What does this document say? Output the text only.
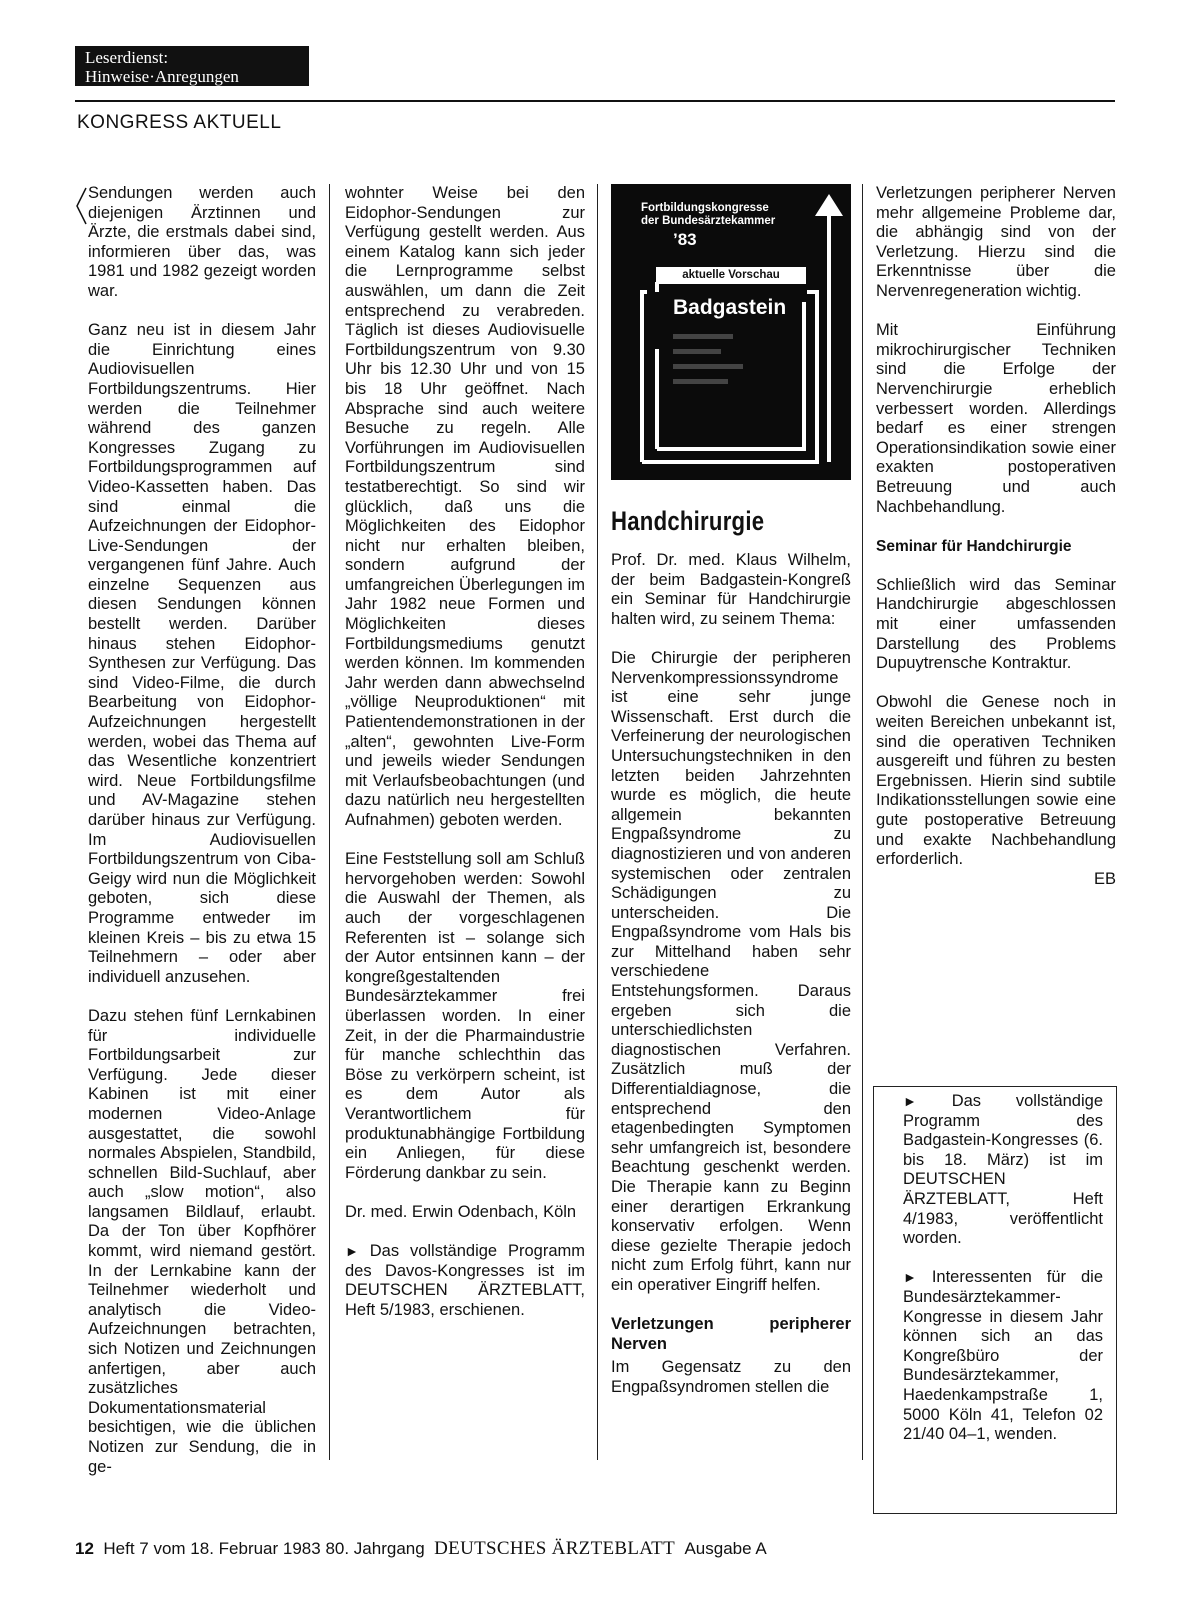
Leserdienst:
Hinweise·Anregungen
KONGRESS AKTUELL

Sendungen werden auch diejenigen Ärztinnen und Ärzte, die erstmals dabei sind, informieren über das, was 1981 und 1982 gezeigt worden war.

Ganz neu ist in diesem Jahr die Einrichtung eines Audiovisuellen Fortbildungszentrums. Hier werden die Teilnehmer während des ganzen Kongresses Zugang zu Fortbildungsprogrammen auf Video-Kassetten haben. Das sind einmal die Aufzeichnungen der Eidophor-Live-Sendungen der vergangenen fünf Jahre. Auch einzelne Sequenzen aus diesen Sendungen können bestellt werden. Darüber hinaus stehen Eidophor-Synthesen zur Verfügung. Das sind Video-Filme, die durch Bearbeitung von Eidophor-Aufzeichnungen hergestellt werden, wobei das Thema auf das Wesentliche konzentriert wird. Neue Fortbildungsfilme und AV-Magazine stehen darüber hinaus zur Verfügung. Im Audiovisuellen Fortbildungszentrum von Ciba-Geigy wird nun die Möglichkeit geboten, sich diese Programme entweder im kleinen Kreis – bis zu etwa 15 Teilnehmern – oder aber individuell anzusehen.

Dazu stehen fünf Lernkabinen für individuelle Fortbildungsarbeit zur Verfügung. Jede dieser Kabinen ist mit einer modernen Video-Anlage ausgestattet, die sowohl normales Abspielen, Standbild, schnellen Bild-Suchlauf, aber auch „slow motion“, also langsamen Bildlauf, erlaubt. Da der Ton über Kopfhörer kommt, wird niemand gestört. In der Lernkabine kann der Teilnehmer wiederholt und analytisch die Video-Aufzeichnungen betrachten, sich Notizen und Zeichnungen anfertigen, aber auch zusätzliches Dokumentationsmaterial besichtigen, wie die üblichen Notizen zur Sendung, die in ge-

wohnter Weise bei den Eidophor-Sendungen zur Verfügung gestellt werden. Aus einem Katalog kann sich jeder die Lernprogramme selbst auswählen, um dann die Zeit entsprechend zu verabreden. Täglich ist dieses Audiovisuelle Fortbildungszentrum von 9.30 Uhr bis 12.30 Uhr und von 15 bis 18 Uhr geöffnet. Nach Absprache sind auch weitere Besuche zu regeln. Alle Vorführungen im Audiovisuellen Fortbildungszentrum sind testatberechtigt. So sind wir glücklich, daß uns die Möglichkeiten des Eidophor nicht nur erhalten bleiben, sondern aufgrund der umfangreichen Überlegungen im Jahr 1982 neue Formen und Möglichkeiten dieses Fortbildungsmediums genutzt werden können. Im kommenden Jahr werden dann abwechselnd „völlige Neuproduktionen“ mit Patientendemonstrationen in der „alten“, gewohnten Live-Form und jeweils wieder Sendungen mit Verlaufsbeobachtungen (und dazu natürlich neu hergestellten Aufnahmen) geboten werden.

Eine Feststellung soll am Schluß hervorgehoben werden: Sowohl die Auswahl der Themen, als auch der vorgeschlagenen Referenten ist – solange sich der Autor entsinnen kann – der kongreßgestaltenden Bundesärztekammer frei überlassen worden. In einer Zeit, in der die Pharmaindustrie für manche schlechthin das Böse zu verkörpern scheint, ist es dem Autor als Verantwortlichem für produktunabhängige Fortbildung ein Anliegen, für diese Förderung dankbar zu sein.

Dr. med. Erwin Odenbach, Köln

► Das vollständige Programm des Davos-Kongresses ist im DEUTSCHEN ÄRZTEBLATT, Heft 5/1983, erschienen.

Fortbildungskongresse
der Bundesärztekammer
’83
aktuelle Vorschau
Badgastein
Handchirurgie

Prof. Dr. med. Klaus Wilhelm, der beim Badgastein-Kongreß ein Seminar für Handchirurgie halten wird, zu seinem Thema:

Die Chirurgie der peripheren Nervenkompressionssyndrome ist eine sehr junge Wissenschaft. Erst durch die Verfeinerung der neurologischen Untersuchungstechniken in den letzten beiden Jahrzehnten wurde es möglich, die heute allgemein bekannten Engpaßsyndrome zu diagnostizieren und von anderen systemischen oder zentralen Schädigungen zu unterscheiden. Die Engpaßsyndrome vom Hals bis zur Mittelhand haben sehr verschiedene Entstehungsformen. Daraus ergeben sich die unterschiedlichsten diagnostischen Verfahren. Zusätzlich muß der Differentialdiagnose, die entsprechend den etagenbedingten Symptomen sehr umfangreich ist, besondere Beachtung geschenkt werden. Die Therapie kann zu Beginn einer derartigen Erkrankung konservativ erfolgen. Wenn diese gezielte Therapie jedoch nicht zum Erfolg führt, kann nur ein operativer Eingriff helfen.

Verletzungen peripherer Nerven

Im Gegensatz zu den Engpaßsyndromen stellen die

Verletzungen peripherer Nerven mehr allgemeine Probleme dar, die abhängig sind von der Verletzung. Hierzu sind die Erkenntnisse über die Nervenregeneration wichtig.

Mit Einführung mikrochirurgischer Techniken sind die Erfolge der Nervenchirurgie erheblich verbessert worden. Allerdings bedarf es einer strengen Operationsindikation sowie einer exakten postoperativen Betreuung und auch Nachbehandlung.

Seminar für Handchirurgie

Schließlich wird das Seminar Handchirurgie abgeschlossen mit einer umfassenden Darstellung des Problems Dupuytrensche Kontraktur.

Obwohl die Genese noch in weiten Bereichen unbekannt ist, sind die operativen Techniken ausgereift und führen zu besten Ergebnissen. Hierin sind subtile Indikationsstellungen sowie eine gute postoperative Betreuung und exakte Nachbehandlung erforderlich.

EB

► Das vollständige Programm des Badgastein-Kongresses (6. bis 18. März) ist im DEUTSCHEN ÄRZTEBLATT, Heft 4/1983, veröffentlicht worden.

► Interessenten für die Bundesärztekammer-Kongresse in diesem Jahr können sich an das Kongreßbüro der Bundesärztekammer, Haedenkampstraße 1, 5000 Köln 41, Telefon 02 21/40 04–1, wenden.

12 Heft 7 vom 18. Februar 1983 80. Jahrgang DEUTSCHES ÄRZTEBLATT Ausgabe A
